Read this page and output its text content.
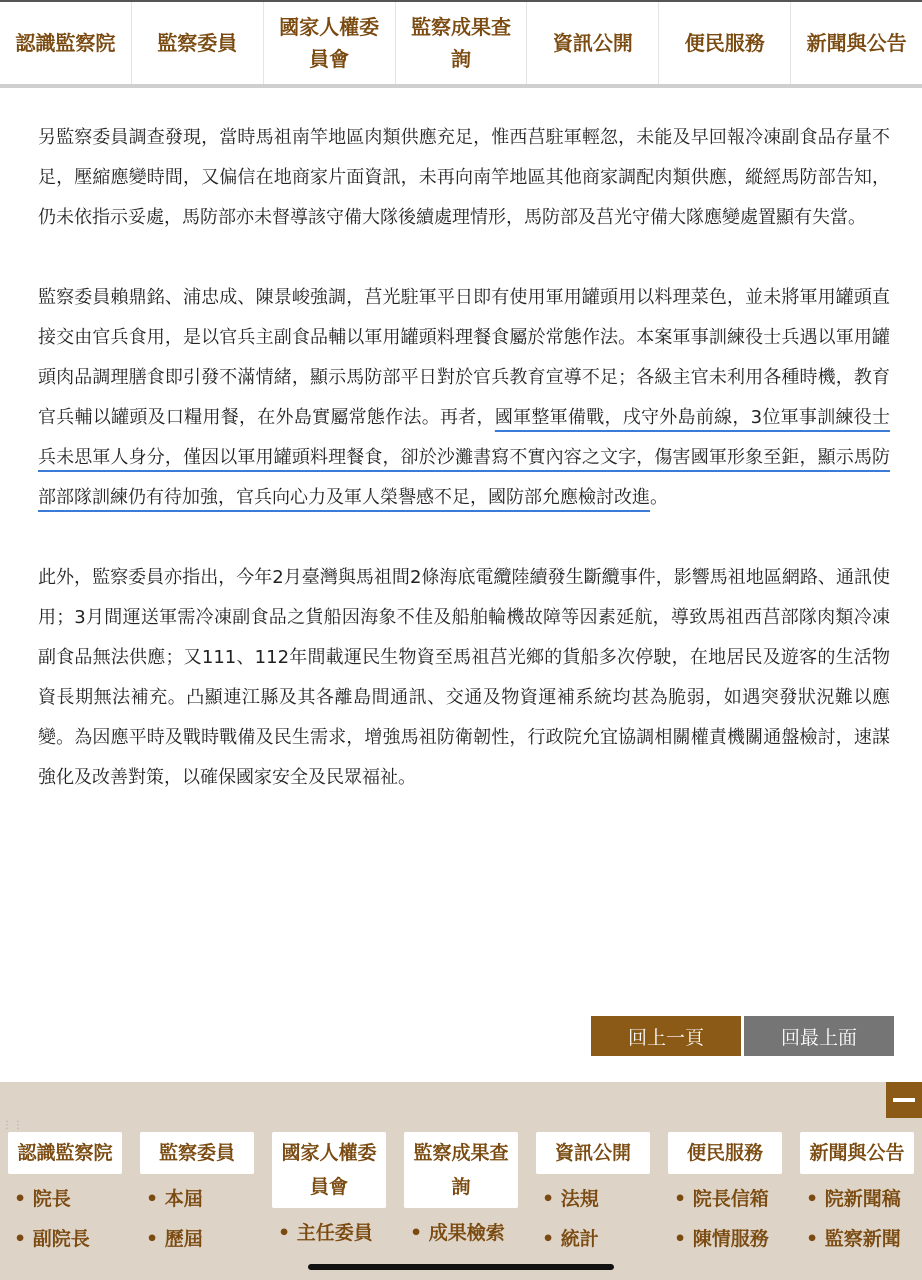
認識監察院	監察委員
國家人權委員會
監察成果查詢
資訊公開	便民服務	新聞與公告

另監察委員調查發現，當時馬祖南竿地區肉類供應充足，惟西莒駐軍輕忽，未能及早回報冷凍副食品存量不足，壓縮應變時間，又偏信在地商家片面資訊，未再向南竿地區其他商家調配肉類供應，縱經馬防部告知，仍未依指示妥處，馬防部亦未督導該守備大隊後續處理情形，馬防部及莒光守備大隊應變處置顯有失當。

監察委員賴鼎銘、浦忠成、陳景峻強調，莒光駐軍平日即有使用軍用罐頭用以料理菜色，並未將軍用罐頭直接交由官兵食用，是以官兵主副食品輔以軍用罐頭料理餐食屬於常態作法。本案軍事訓練役士兵遇以軍用罐頭肉品調理膳食即引發不滿情緒，顯示馬防部平日對於官兵教育宣導不足；各級主官未利用各種時機，教育官兵輔以罐頭及口糧用餐，在外島實屬常態作法。再者，國軍整軍備戰，戌守外島前線，3位軍事訓練役士兵未思軍人身分，僅因以軍用罐頭料理餐食，卻於沙灘書寫不實內容之文字，傷害國軍形象至鉅，顯示馬防部部隊訓練仍有待加強，官兵向心力及軍人榮譽感不足，國防部允應檢討改進。

此外，監察委員亦指出，今年2月臺灣與馬祖間2條海底電纜陸續發生斷纜事件，影響馬祖地區網路、通訊使用；3月間運送軍需冷凍副食品之貨船因海象不佳及船舶輪機故障等因素延航，導致馬祖西莒部隊肉類冷凍副食品無法供應；又111、112年間載運民生物資至馬祖莒光鄉的貨船多次停駛，在地居民及遊客的生活物資長期無法補充。凸顯連江縣及其各離島間通訊、交通及物資運補系統均甚為脆弱，如遇突發狀況難以應變。為因應平時及戰時戰備及民生需求，增強馬祖防衛韌性，行政院允宜協調相關權責機關通盤檢討，速謀強化及改善對策，以確保國家安全及民眾福祉。

回上一頁	回最上面
⋮⋮
認識監察院
• 院長
• 副院長
監察委員
• 本屆
• 歷屆
國家人權委員會
• 主任委員
監察成果查詢
• 成果檢索
資訊公開
• 法規
• 統計
便民服務
• 院長信箱
• 陳情服務
新聞與公告
• 院新聞稿
• 監察新聞
